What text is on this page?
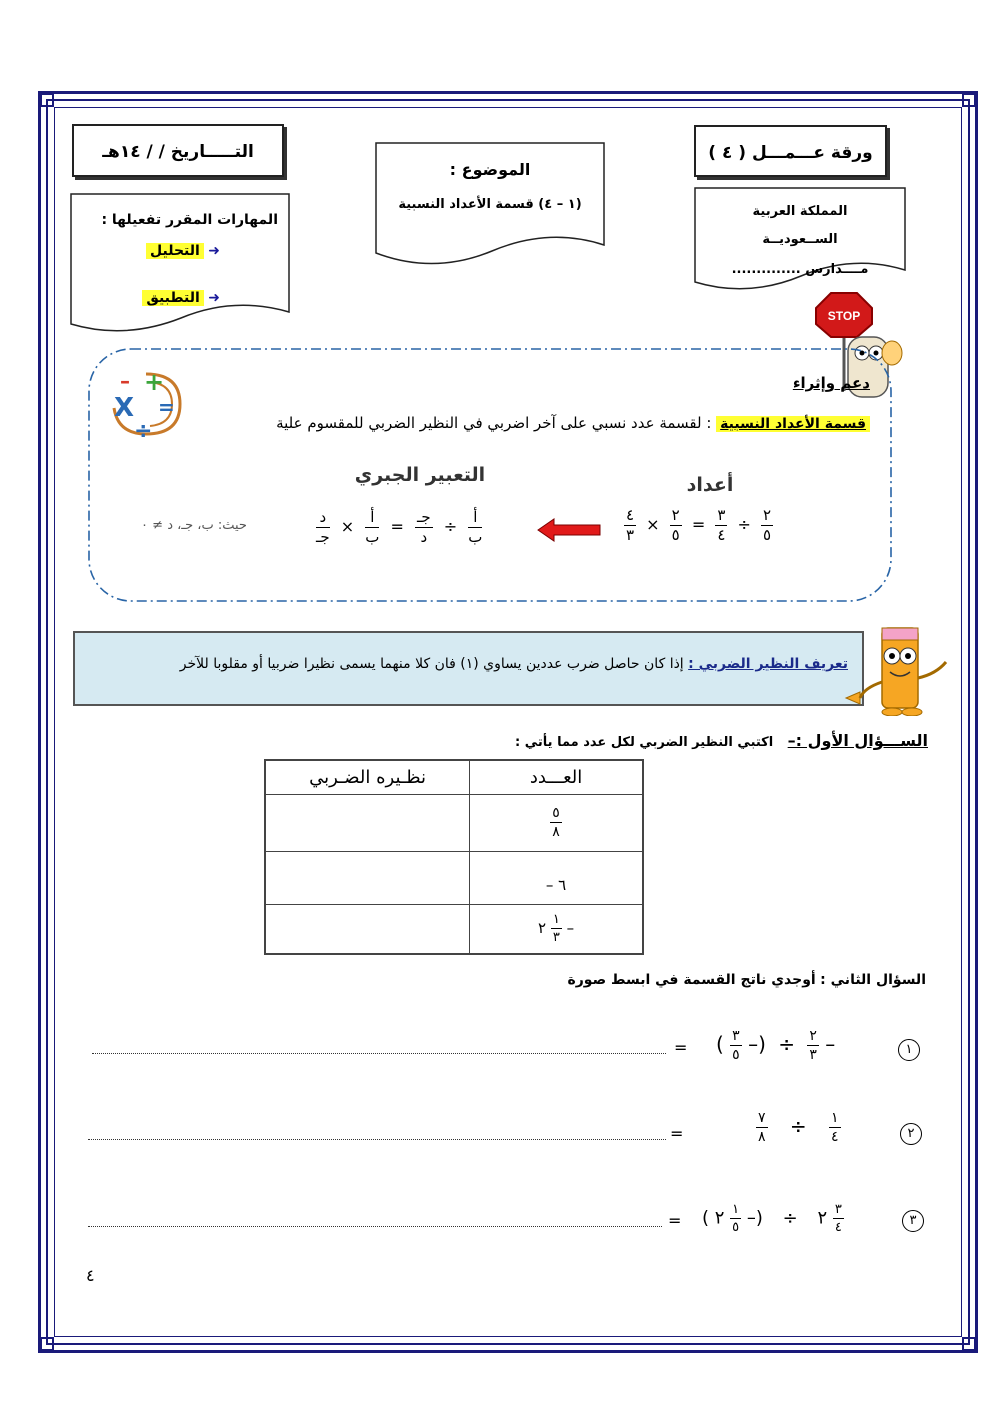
ورقة عـــمـــل ( ٤ )
التـــــاريخ / / ١٤هـ
الموضوع :
(١ – ٤) قسمة الأعداد النسبية	المملكة العربية
الســعوديــة
مــــدارس ..............
المهارات المقرر تفعيلها :
➜ التحليل
➜ التطبيق
STOP
X
+
–
=
÷
دعم وإثراء
قسمة الأعداد النسبية : لقسمة عدد نسبي على آخر اضربي في النظير الضربي للمقسوم علية
التعبير الجبري	أعداد
حيث: ب، جـ، د ≠ ٠	$\frac{\text{د}}{\text{جـ}} \times \frac{\text{أ}}{\text{ب}} = \frac{\text{جـ}}{\text{د}} \div \frac{\text{أ}}{\text{ب}}$	$\frac{٤}{٣} \times \frac{٢}{٥} = \frac{٣}{٤} \div \frac{٢}{٥}$
تعريف النظير الضربي : إذا كان حاصل ضرب عددين يساوي (١) فان كلا منهما يسمى نظيرا ضربيا أو مقلوبا للآخر
الســـؤال الأول :– اكتبي النظير الضربي لكل عدد مما يأتي :
نظـيره الضـربي	العـــدد

	$\frac{٥}{٨}$

	– ٦
	٢ $\frac{١}{٣}$ –
السؤال الثاني : أوجدي ناتج القسمة في ابسط صورة
= ( $\frac{٣}{٥}$ –) ÷ $\frac{٢}{٣}$ –	١
=	$\frac{٧}{٨} \div \frac{١}{٤}$	٢
= ( ٢ $\frac{١}{٥}$ –) ÷ ٢ $\frac{٣}{٤}$	٣
٤
